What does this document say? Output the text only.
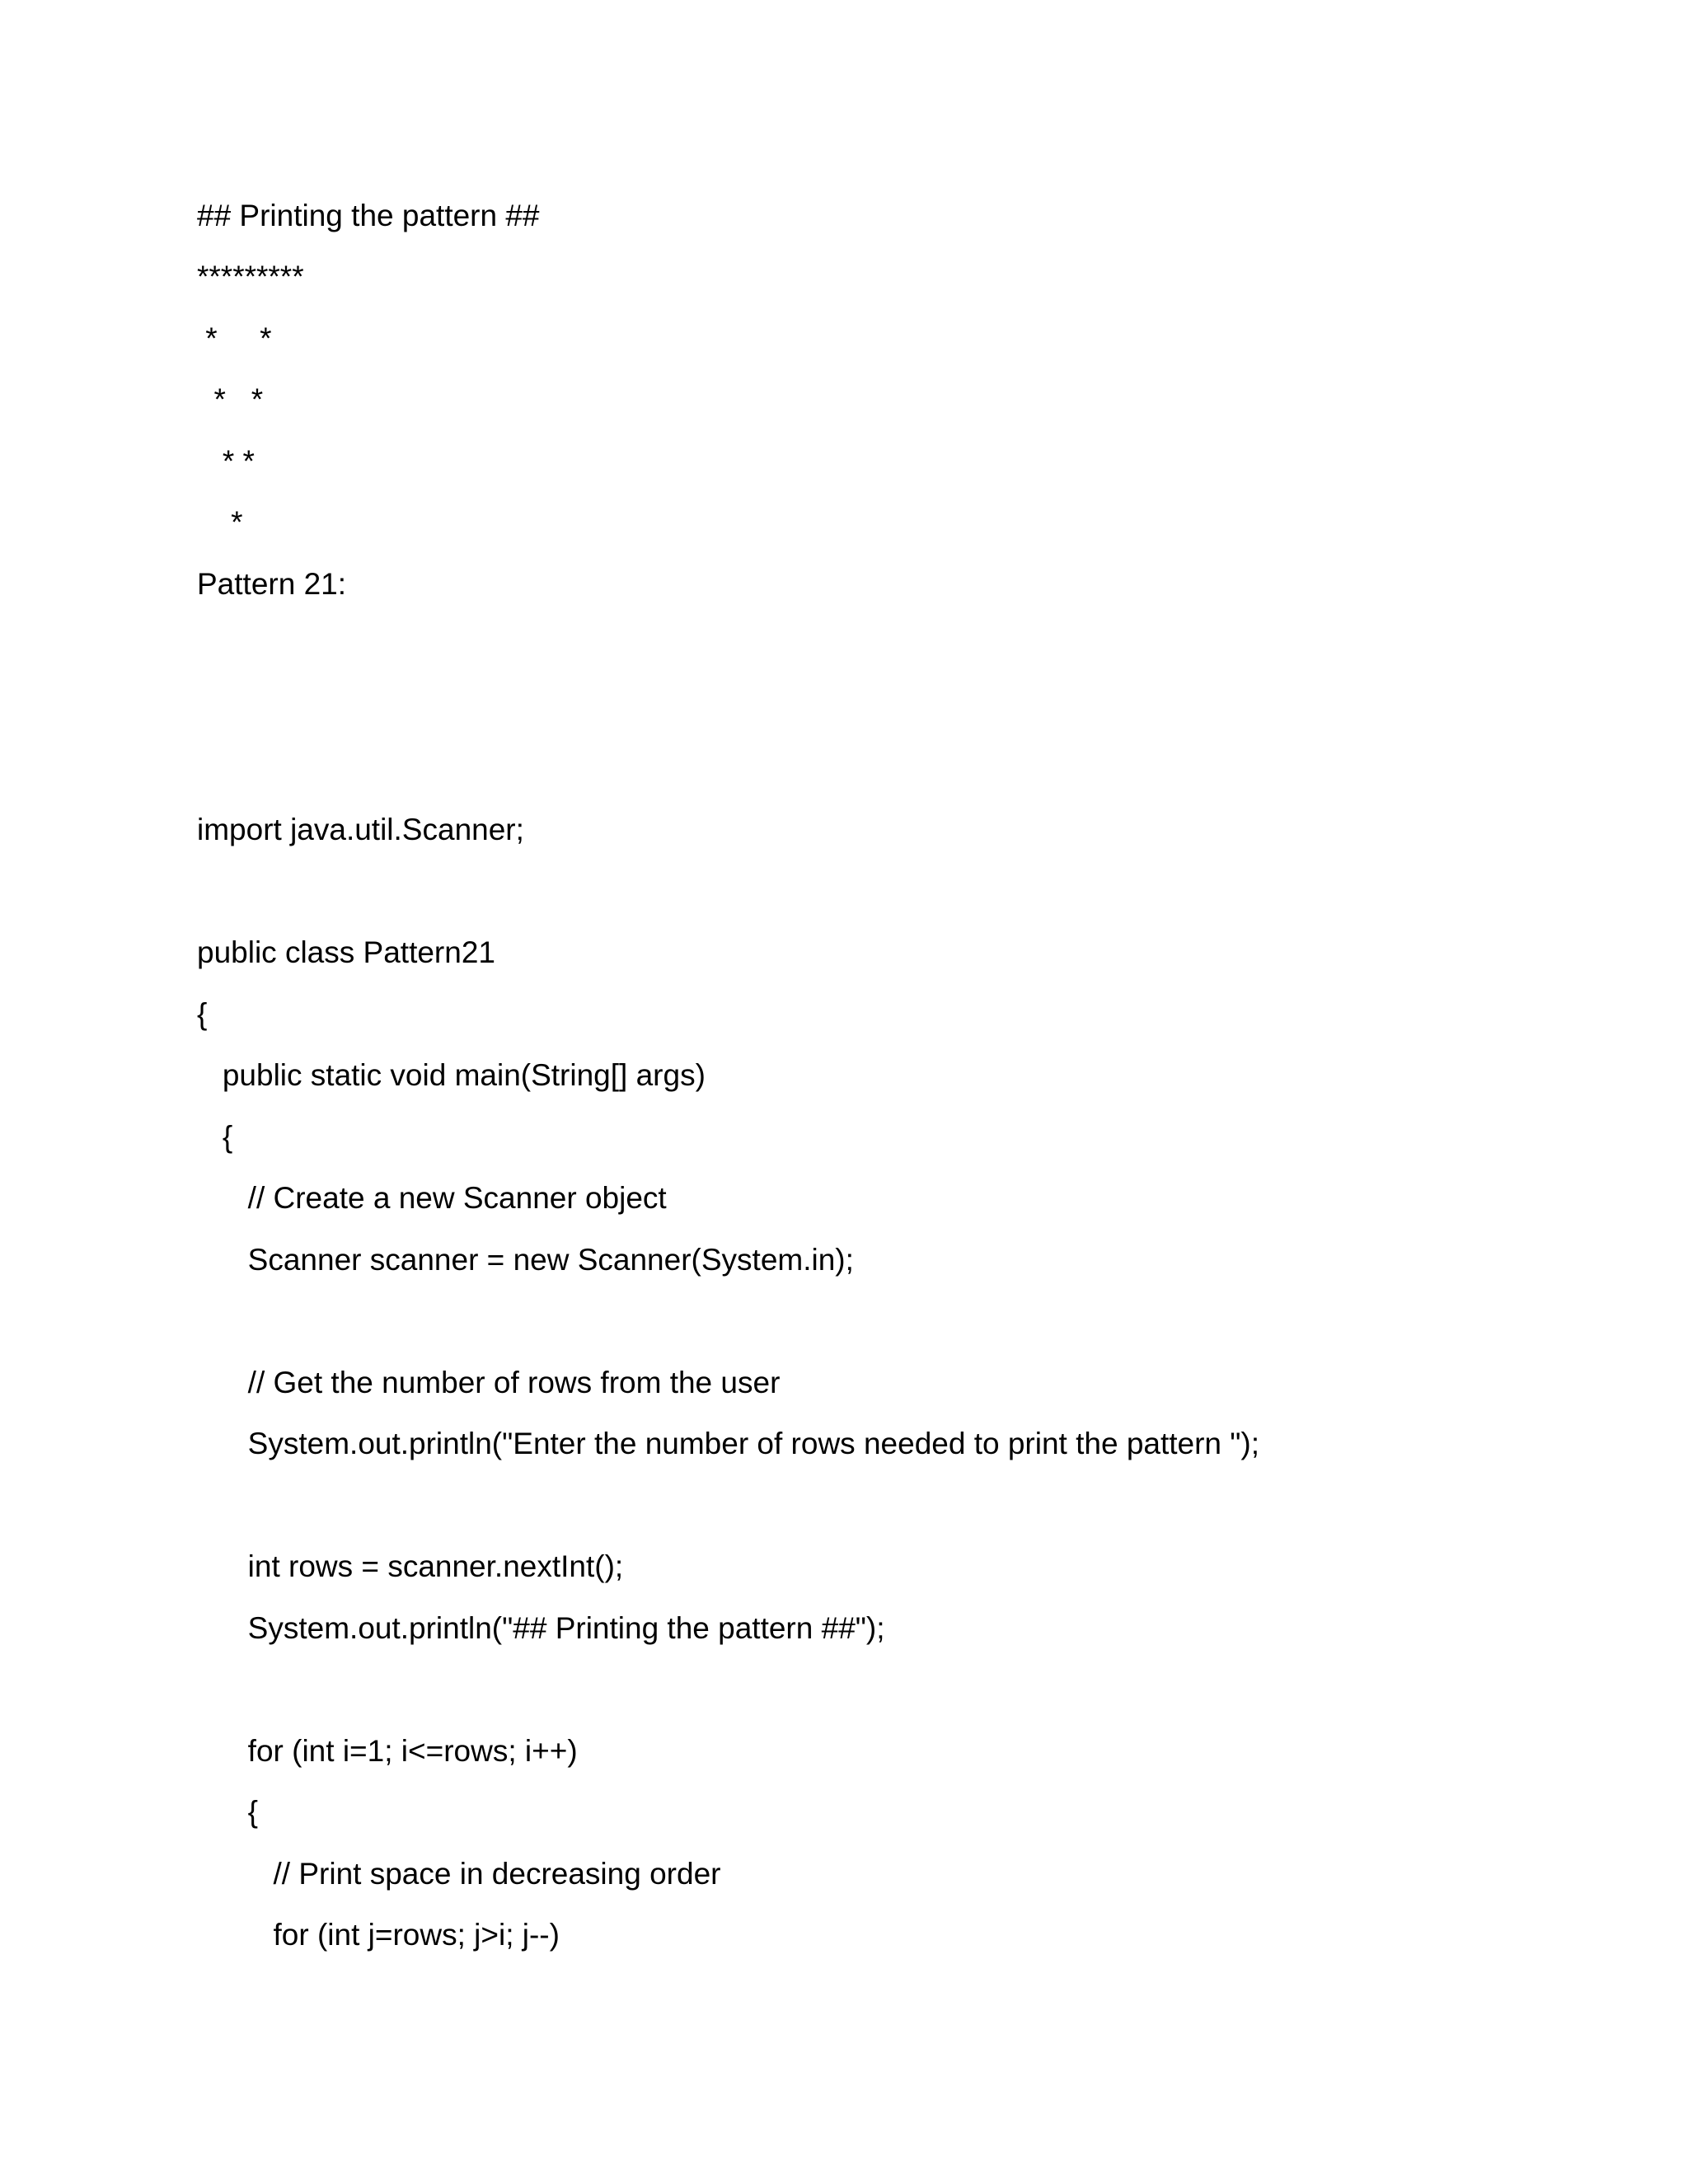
## Printing the pattern ##

*********

*     *

*   *

* *

*

Pattern 21:

import java.util.Scanner;

public class Pattern21

{

public static void main(String[] args)

{

// Create a new Scanner object

Scanner scanner = new Scanner(System.in);

// Get the number of rows from the user

System.out.println("Enter the number of rows needed to print the pattern ");

int rows = scanner.nextInt();

System.out.println("## Printing the pattern ##");

for (int i=1; i<=rows; i++)

{

// Print space in decreasing order

for (int j=rows; j>i; j--)
